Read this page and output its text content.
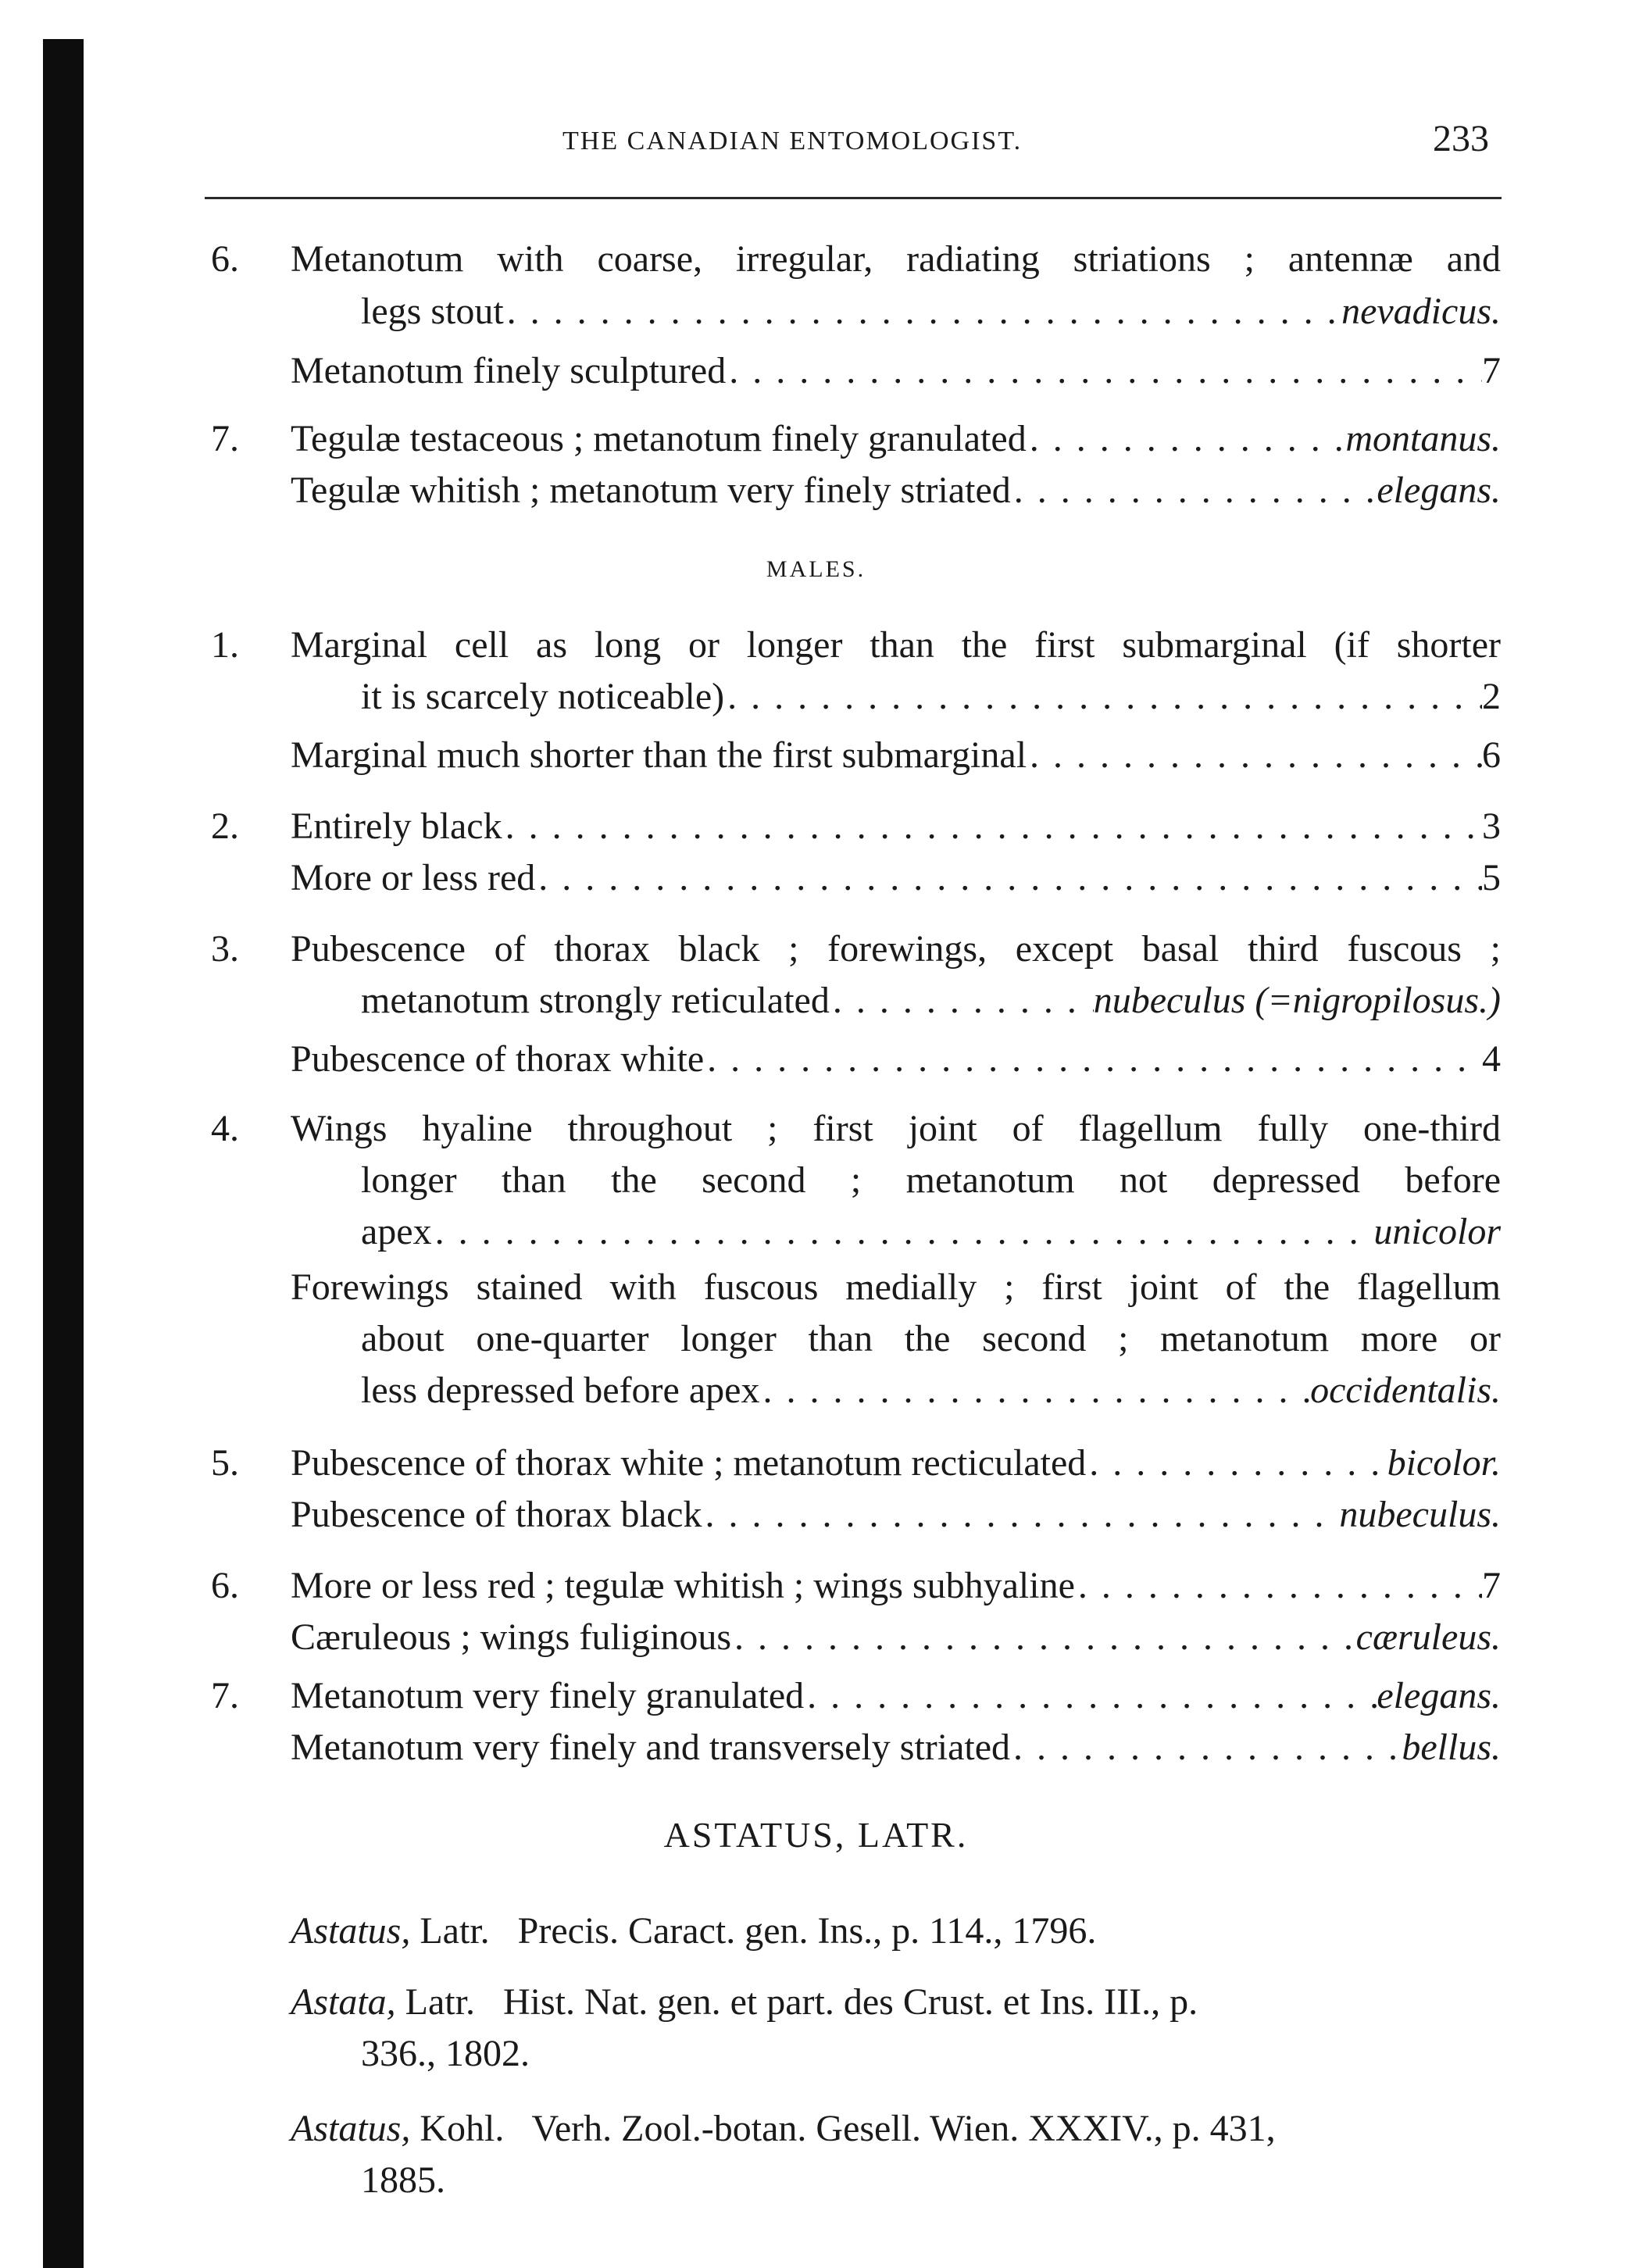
THE CANADIAN ENTOMOLOGIST.	233
6. Metanotum with coarse, irregular, radiating striations ; antennæ and
legs stout . . .	nevadicus.
Metanotum finely sculptured . . .	7
7. Tegulæ testaceous ; metanotum finely granulated . . .	montanus.
Tegulæ whitish ; metanotum very finely striated . . .	elegans.
MALES.
1. Marginal cell as long or longer than the first submarginal (if shorter
it is scarcely noticeable) . . .	2
Marginal much shorter than the first submarginal . . .	6
2. Entirely black . . .	3
More or less red . . .	5
3. Pubescence of thorax black ; forewings, except basal third fuscous ;
metanotum strongly reticulated . . .	nubeculus (=nigropilosus.)
Pubescence of thorax white . . .	4
4. Wings hyaline throughout ; first joint of flagellum fully one-third
longer than the second ; metanotum not depressed before
apex . . .	unicolor
Forewings stained with fuscous medially ; first joint of the flagellum
about one-quarter longer than the second ; metanotum more or
less depressed before apex . . .	occidentalis.
5. Pubescence of thorax white ; metanotum recticulated . . .	bicolor.
Pubescence of thorax black . . .	nubeculus.
6. More or less red ; tegulæ whitish ; wings subhyaline . . .	7
Cæruleous ; wings fuliginous . . .	cæruleus.
7. Metanotum very finely granulated . . .	elegans.
Metanotum very finely and transversely striated . . .	bellus.
ASTATUS, LATR.
Astatus, Latr.   Precis. Caract. gen. Ins., p. 114., 1796.
Astata, Latr.   Hist. Nat. gen. et part. des Crust. et Ins. III., p.
336., 1802.
Astatus, Kohl.   Verh. Zool.-botan. Gesell. Wien. XXXIV., p. 431,
1885.
